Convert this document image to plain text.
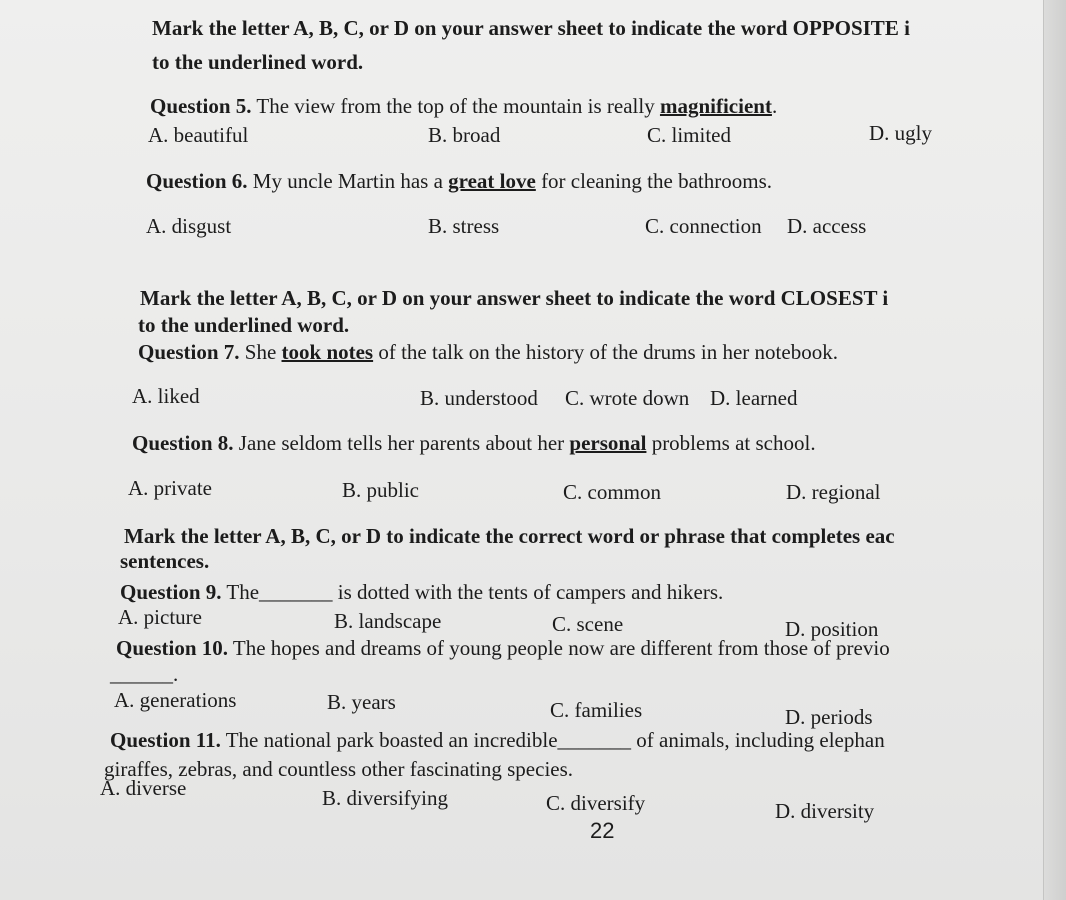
Mark the letter A, B, C, or D on your answer sheet to indicate the word OPPOSITE i
to the underlined word.
Question 5. The view from the top of the mountain is really magnificient.
A. beautiful	B. broad	C. limited	D. ugly
Question 6. My uncle Martin has a great love for cleaning the bathrooms.
A. disgust	B. stress	C. connection D. access
Mark the letter A, B, C, or D on your answer sheet to indicate the word CLOSEST i
to the underlined word.
Question 7. She took notes of the talk on the history of the drums in her notebook.
A. liked	B. understood C. wrote down D. learned
Question 8. Jane seldom tells her parents about her personal problems at school.
A. private	B. public	C. common	D. regional
Mark the letter A, B, C, or D to indicate the correct word or phrase that completes eac
sentences.
Question 9. The_______ is dotted with the tents of campers and hikers.
A. picture	B. landscape	C. scene	D. position
Question 10. The hopes and dreams of young people now are different from those of previo
______.
A. generations	B. years	C. families	D. periods
Question 11. The national park boasted an incredible_______ of animals, including elephan
giraffes, zebras, and countless other fascinating species.
A. diverse	B. diversifying	C. diversify	D. diversity
22
